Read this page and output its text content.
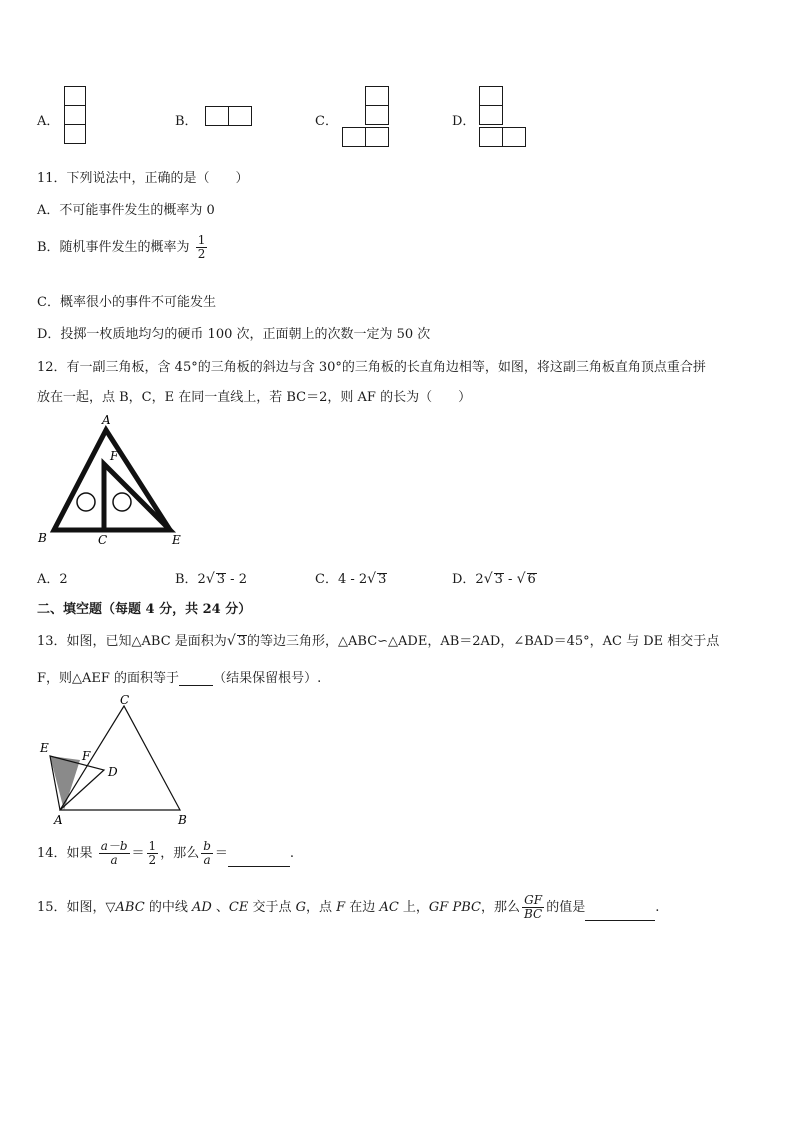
A．	B．	C．	D．
11．下列说法中，正确的是（　　）
A．不可能事件发生的概率为 0
B．随机事件发生的概率为 $\frac{1}{2}$
C．概率很小的事件不可能发生
D．投掷一枚质地均匀的硬币 100 次，正面朝上的次数一定为 50 次
12．有一副三角板，含 45°的三角板的斜边与含 30°的三角板的长直角边相等，如图，将这副三角板直角顶点重合拼
放在一起，点 B，C，E 在同一直线上，若 BC＝2，则 AF 的长为（　　）
A
F
B	C	E
A．2	B．2√ 3 - 2	C．4 - 2√ 3	D．2√ 3 - √ 6
二、填空题（每题 4 分，共 24 分）
13．如图，已知△ABC 是面积为√ 3的等边三角形，△ABC∽△ADE，AB＝2AD，∠BAD＝45°，AC 与 DE 相交于点
F，则△AEF 的面积等于	（结果保留根号）.
C
E
F
D
A	B
14．如果 $\frac{a-b}{a} = \frac{1}{2}$ ，那么 $\frac{b}{a}$ ＝	.
15．如图，▽ABC 的中线 AD 、CE 交于点 G，点 F 在边 AC 上，GF PBC，那么 $\frac{GF}{BC}$ 的值是	.
